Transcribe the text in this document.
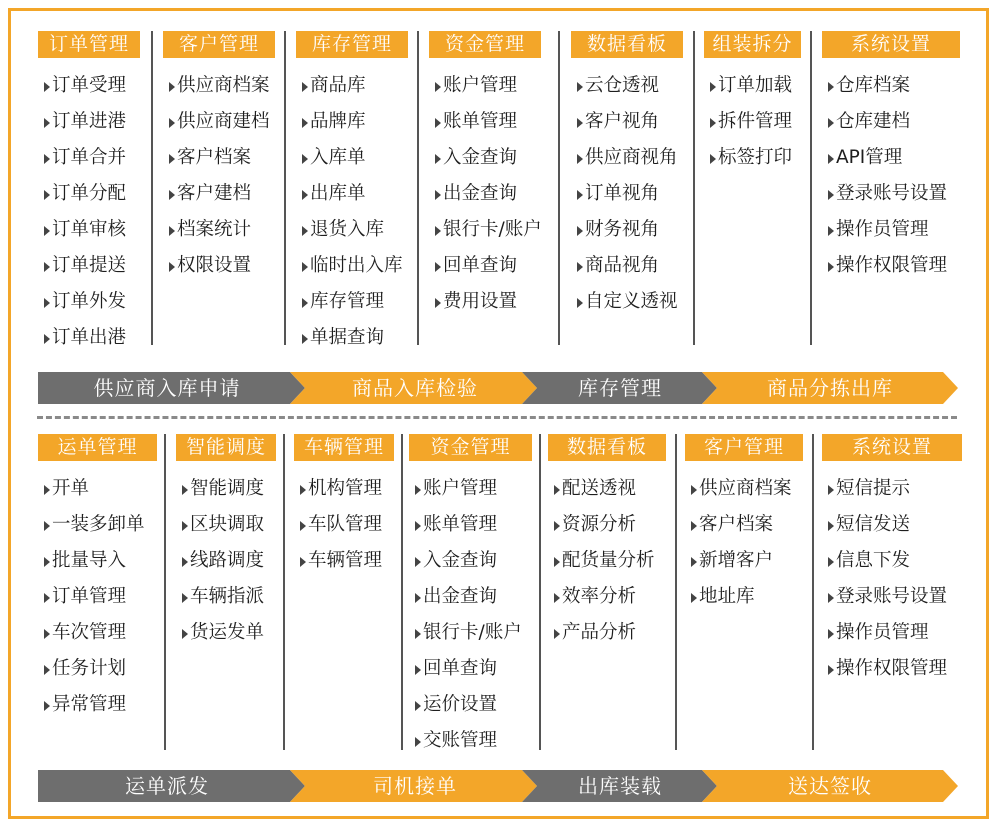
订单管理
订单受理
订单进港
订单合并
订单分配
订单审核
订单提送
订单外发
订单出港
客户管理
供应商档案
供应商建档
客户档案
客户建档
档案统计
权限设置
库存管理
商品库
品牌库
入库单
出库单
退货入库
临时出入库
库存管理
单据查询
资金管理
账户管理
账单管理
入金查询
出金查询
银行卡/账户
回单查询
费用设置
数据看板
云仓透视
客户视角
供应商视角
订单视角
财务视角
商品视角
自定义透视
组装拆分
订单加载
拆件管理
标签打印
系统设置
仓库档案
仓库建档
API管理
登录账号设置
操作员管理
操作权限管理
供应商入库申请	商品入库检验	库存管理	商品分拣出库
运单管理
开单
一装多卸单
批量导入
订单管理
车次管理
任务计划
异常管理
智能调度
智能调度
区块调取
线路调度
车辆指派
货运发单
车辆管理
机构管理
车队管理
车辆管理
资金管理
账户管理
账单管理
入金查询
出金查询
银行卡/账户
回单查询
运价设置
交账管理
数据看板
配送透视
资源分析
配货量分析
效率分析
产品分析
客户管理
供应商档案
客户档案
新增客户
地址库
系统设置
短信提示
短信发送
信息下发
登录账号设置
操作员管理
操作权限管理
运单派发	司机接单	出库装载	送达签收
